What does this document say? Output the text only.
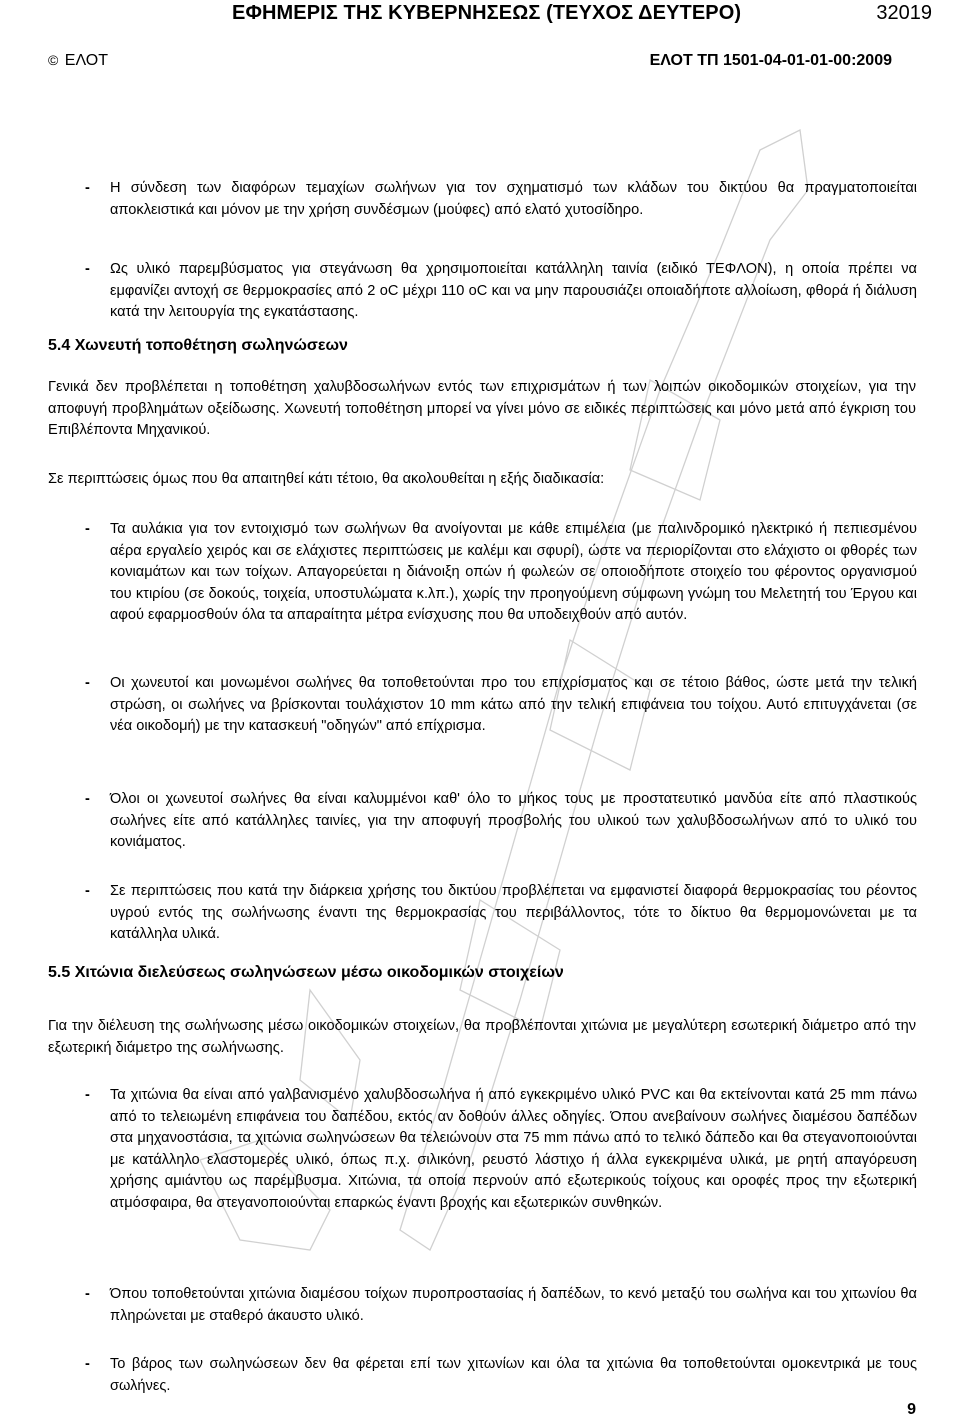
ΕΦΗΜΕΡΙΣ ΤΗΣ ΚΥΒΕΡΝΗΣΕΩΣ (ΤΕΥΧΟΣ ΔΕΥΤΕΡΟ)	32019
© ΕΛΟΤ	ΕΛΟΤ ΤΠ 1501-04-01-01-00:2009
- Η σύνδεση των διαφόρων τεμαχίων σωλήνων για τον σχηματισμό των κλάδων του δικτύου θα πραγματοποιείται αποκλειστικά και μόνον με την χρήση συνδέσμων (μούφες) από ελατό χυτοσίδηρο.
- Ως υλικό παρεμβύσματος για στεγάνωση θα χρησιμοποιείται κατάλληλη ταινία (ειδικό ΤΕΦΛΟΝ), η οποία πρέπει να εμφανίζει αντοχή σε θερμοκρασίες από 2 oC μέχρι 110 oC και να μην παρουσιάζει οποιαδήποτε αλλοίωση, φθορά ή διάλυση κατά την λειτουργία της εγκατάστασης.
5.4 Χωνευτή τοποθέτηση σωληνώσεων
Γενικά δεν προβλέπεται η τοποθέτηση χαλυβδοσωλήνων εντός των επιχρισμάτων ή των λοιπών οικοδομικών στοιχείων, για την αποφυγή προβλημάτων οξείδωσης. Χωνευτή τοποθέτηση μπορεί να γίνει μόνο σε ειδικές περιπτώσεις και μόνο μετά από έγκριση του Επιβλέποντα Μηχανικού.
Σε περιπτώσεις όμως που θα απαιτηθεί κάτι τέτοιο, θα ακολουθείται η εξής διαδικασία:
- Τα αυλάκια για τον εντοιχισμό των σωλήνων θα ανοίγονται με κάθε επιμέλεια (με παλινδρομικό ηλεκτρικό ή πεπιεσμένου αέρα εργαλείο χειρός και σε ελάχιστες περιπτώσεις με καλέμι και σφυρί), ώστε να περιορίζονται στο ελάχιστο οι φθορές των κονιαμάτων και των τοίχων. Απαγορεύεται η διάνοιξη οπών ή φωλεών σε οποιοδήποτε στοιχείο του φέροντος οργανισμού του κτιρίου (σε δοκούς, τοιχεία, υποστυλώματα κ.λπ.), χωρίς την προηγούμενη σύμφωνη γνώμη του Μελετητή του Έργου και αφού εφαρμοσθούν όλα τα απαραίτητα μέτρα ενίσχυσης που θα υποδειχθούν από αυτόν.
- Οι χωνευτοί και μονωμένοι σωλήνες θα τοποθετούνται προ του επιχρίσματος και σε τέτοιο βάθος, ώστε μετά την τελική στρώση, οι σωλήνες να βρίσκονται τουλάχιστον 10 mm κάτω από την τελική επιφάνεια του τοίχου. Αυτό επιτυγχάνεται (σε νέα οικοδομή) με την κατασκευή "οδηγών" από επίχρισμα.
- Όλοι οι χωνευτοί σωλήνες θα είναι καλυμμένοι καθ' όλο το μήκος τους με προστατευτικό μανδύα είτε από πλαστικούς σωλήνες είτε από κατάλληλες ταινίες, για την αποφυγή προσβολής του υλικού των χαλυβδοσωλήνων από το υλικό του κονιάματος.
- Σε περιπτώσεις που κατά την διάρκεια χρήσης του δικτύου προβλέπεται να εμφανιστεί διαφορά θερμοκρασίας του ρέοντος υγρού εντός της σωλήνωσης έναντι της θερμοκρασίας του περιβάλλοντος, τότε το δίκτυο θα θερμομονώνεται με τα κατάλληλα υλικά.
5.5 Χιτώνια διελεύσεως σωληνώσεων μέσω οικοδομικών στοιχείων
Για την διέλευση της σωλήνωσης μέσω οικοδομικών στοιχείων, θα προβλέπονται χιτώνια με μεγαλύτερη εσωτερική διάμετρο από την εξωτερική διάμετρο της σωλήνωσης.
- Τα χιτώνια θα είναι από γαλβανισμένο χαλυβδοσωλήνα ή από εγκεκριμένο υλικό PVC και θα εκτείνονται κατά 25 mm πάνω από το τελειωμένη επιφάνεια του δαπέδου, εκτός αν δοθούν άλλες οδηγίες. Όπου ανεβαίνουν σωλήνες διαμέσου δαπέδων στα μηχανοστάσια, τα χιτώνια σωληνώσεων θα τελειώνουν στα 75 mm πάνω από το τελικό δάπεδο και θα στεγανοποιούνται με κατάλληλο ελαστομερές υλικό, όπως π.χ. σιλικόνη, ρευστό λάστιχο ή άλλα εγκεκριμένα υλικά, με ρητή απαγόρευση χρήσης αμιάντου ως παρέμβυσμα. Χιτώνια, τα οποία περνούν από εξωτερικούς τοίχους και οροφές προς την εξωτερική ατμόσφαιρα, θα στεγανοποιούνται επαρκώς έναντι βροχής και εξωτερικών συνθηκών.
- Όπου τοποθετούνται χιτώνια διαμέσου τοίχων πυροπροστασίας ή δαπέδων, το κενό μεταξύ του σωλήνα και του χιτωνίου θα πληρώνεται με σταθερό άκαυστο υλικό.
- Το βάρος των σωληνώσεων δεν θα φέρεται επί των χιτωνίων και όλα τα χιτώνια θα τοποθετούνται ομοκεντρικά με τους σωλήνες.
9
